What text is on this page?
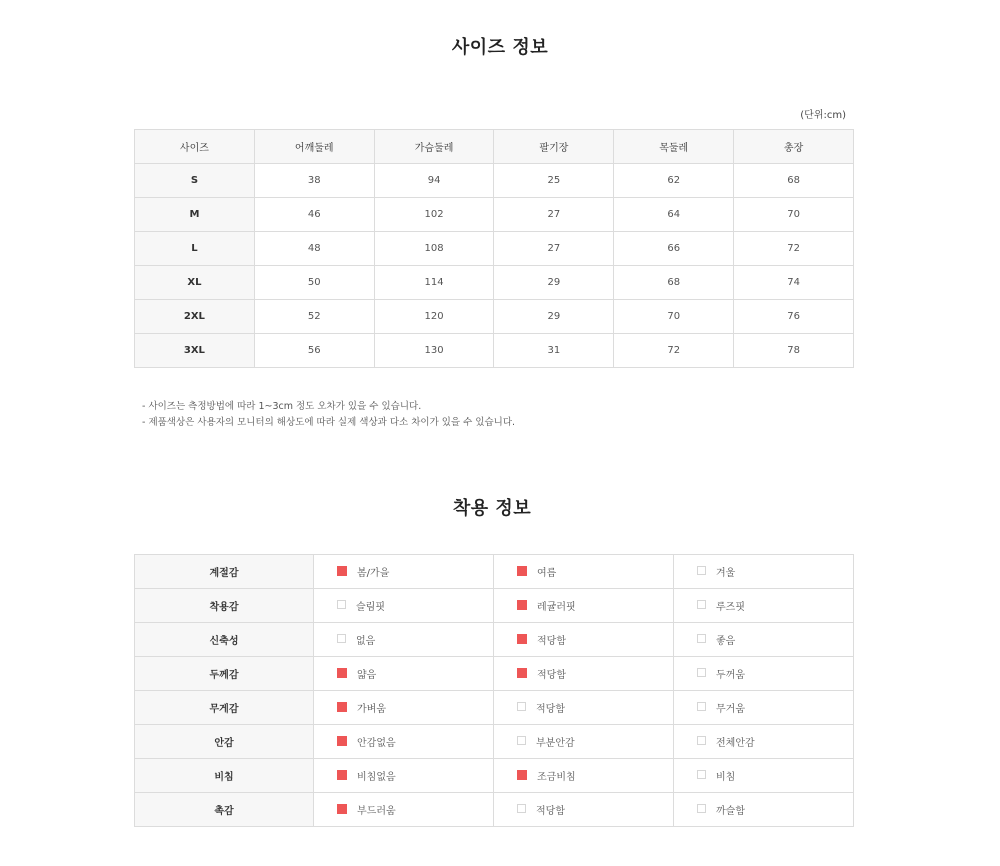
사이즈 정보
(단위:cm)
사이즈	어깨둘레	가슴둘레	팔기장	목둘레	총장
S	38	94	25	62	68
M	46	102	27	64	70
L	48	108	27	66	72
XL	50	114	29	68	74
2XL	52	120	29	70	76
3XL	56	130	31	72	78
- 사이즈는 측정방법에 따라 1~3cm 정도 오차가 있을 수 있습니다.
- 제품색상은 사용자의 모니터의 해상도에 따라 실제 색상과 다소 차이가 있을 수 있습니다.
착용 정보
계절감	봄/가을	여름	겨울
착용감	슬림핏	레귤러핏	루즈핏
신축성	없음	적당함	좋음
두께감	얇음	적당함	두꺼움
무게감	가벼움	적당함	무거움
안감	안감없음	부분안감	전체안감
비침	비침없음	조금비침	비침
촉감	부드러움	적당함	까슬함
